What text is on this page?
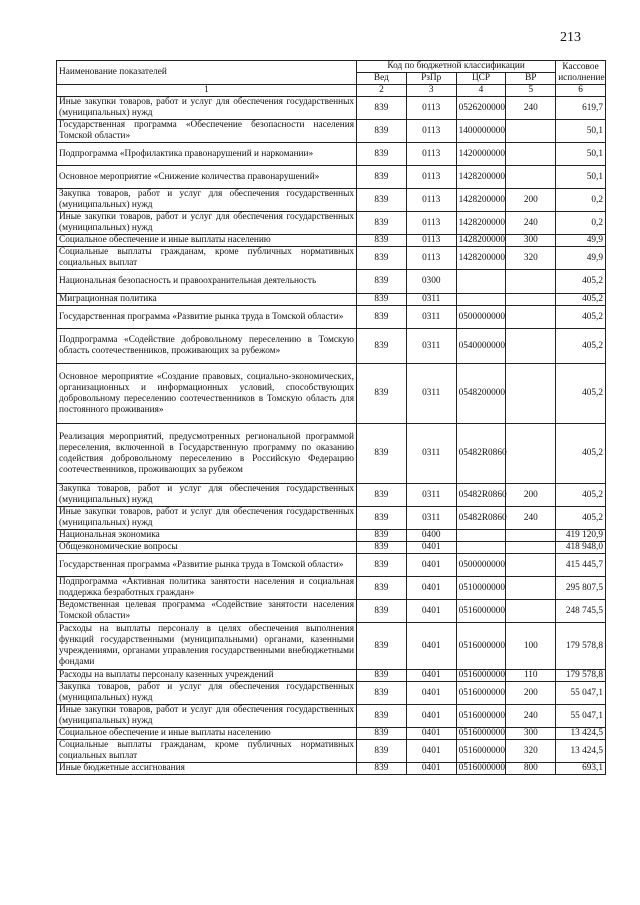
213
Наименование показателей	Код по бюджетной классификации				Кассовое исполнение
	Вед	РзПр	ЦСР	ВР	
1	2	3	4	5	6
Иные закупки товаров, работ и услуг для обеспечения государственных (муниципальных) нужд	839	0113	0526200000	240	619,7
Государственная программа «Обеспечение безопасности населения Томской области»	839	0113	1400000000		50,1
Подпрограмма «Профилактика правонарушений и наркомании»	839	0113	1420000000		50,1
Основное мероприятие «Снижение количества правонарушений»	839	0113	1428200000		50,1
Закупка товаров, работ и услуг для обеспечения государственных (муниципальных) нужд	839	0113	1428200000	200	0,2
Иные закупки товаров, работ и услуг для обеспечения государственных (муниципальных) нужд	839	0113	1428200000	240	0,2
Социальное обеспечение и иные выплаты населению	839	0113	1428200000	300	49,9
Социальные выплаты гражданам, кроме публичных нормативных социальных выплат	839	0113	1428200000	320	49,9
Национальная безопасность и правоохранительная деятельность	839	0300			405,2
Миграционная политика	839	0311			405,2
Государственная программа «Развитие рынка труда в Томской области»	839	0311	0500000000		405,2
Подпрограмма «Содействие добровольному переселению в Томскую область соотечественников, проживающих за рубежом»	839	0311	0540000000		405,2
Основное мероприятие «Создание правовых, социально-экономических, организационных и информационных условий, способствующих добровольному переселению соотечественников в Томскую область для постоянного проживания»	839	0311	0548200000		405,2
Реализация мероприятий, предусмотренных региональной программой переселения, включенной в Государственную программу по оказанию содействия добровольному переселению в Российскую Федерацию соотечественников, проживающих за рубежом	839	0311	05482R0860		405,2
Закупка товаров, работ и услуг для обеспечения государственных (муниципальных) нужд	839	0311	05482R0860	200	405,2
Иные закупки товаров, работ и услуг для обеспечения государственных (муниципальных) нужд	839	0311	05482R0860	240	405,2
Национальная экономика	839	0400			419 120,9
Общеэкономические вопросы	839	0401			418 948,0
Государственная программа «Развитие рынка труда в Томской области»	839	0401	0500000000		415 445,7
Подпрограмма «Активная политика занятости населения и социальная поддержка безработных граждан»	839	0401	0510000000		295 807,5
Ведомственная целевая программа «Содействие занятости населения Томской области»	839	0401	0516000000		248 745,5
Расходы на выплаты персоналу в целях обеспечения выполнения функций государственными (муниципальными) органами, казенными учреждениями, органами управления государственными внебюджетными фондами	839	0401	0516000000	100	179 578,8
Расходы на выплаты персоналу казенных учреждений	839	0401	0516000000	110	179 578,8
Закупка товаров, работ и услуг для обеспечения государственных (муниципальных) нужд	839	0401	0516000000	200	55 047,1
Иные закупки товаров, работ и услуг для обеспечения государственных (муниципальных) нужд	839	0401	0516000000	240	55 047,1
Социальное обеспечение и иные выплаты населению	839	0401	0516000000	300	13 424,5
Социальные выплаты гражданам, кроме публичных нормативных социальных выплат	839	0401	0516000000	320	13 424,5
Иные бюджетные ассигнования	839	0401	0516000000	800	693,1
